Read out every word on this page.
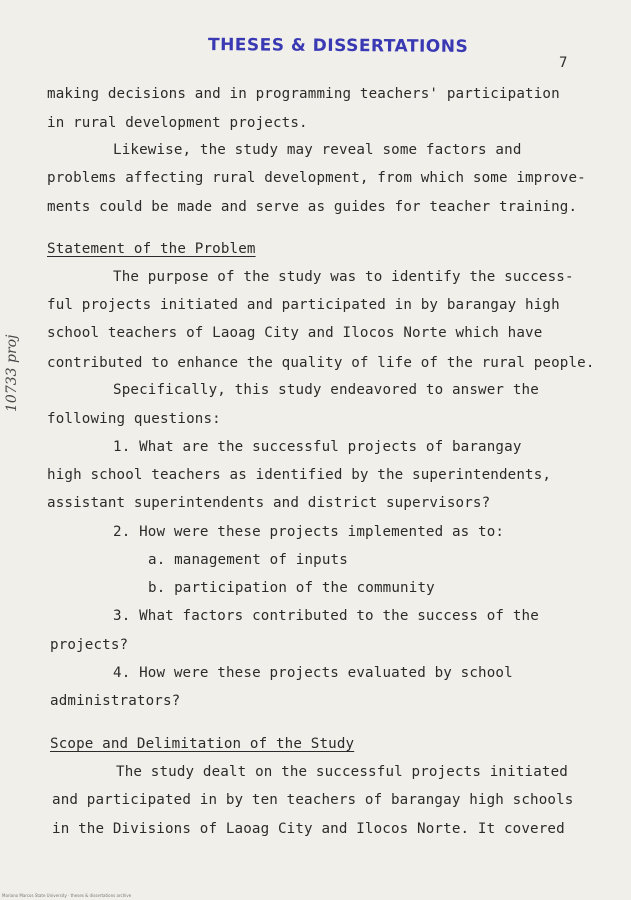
THESES & DISSERTATIONS
7
10733 proj
making decisions and in programming teachers' participation
in rural development projects.
Likewise, the study may reveal some factors and
problems affecting rural development, from which some improve-
ments could be made and serve as guides for teacher training.
Statement of the Problem
The purpose of the study was to identify the success-
ful projects initiated and participated in by barangay high
school teachers of Laoag City and Ilocos Norte which have
contributed to enhance the quality of life of the rural people.
Specifically, this study endeavored to answer the
following questions:
1. What are the successful projects of barangay
high school teachers as identified by the superintendents,
assistant superintendents and district supervisors?
2. How were these projects implemented as to:
a. management of inputs
b. participation of the community
3. What factors contributed to the success of the
projects?
4. How were these projects evaluated by school
administrators?
Scope and Delimitation of the Study
The study dealt on the successful projects initiated
and participated in by ten teachers of barangay high schools
in the Divisions of Laoag City and Ilocos Norte. It covered
Mariano Marcos State University · theses & dissertations archive
